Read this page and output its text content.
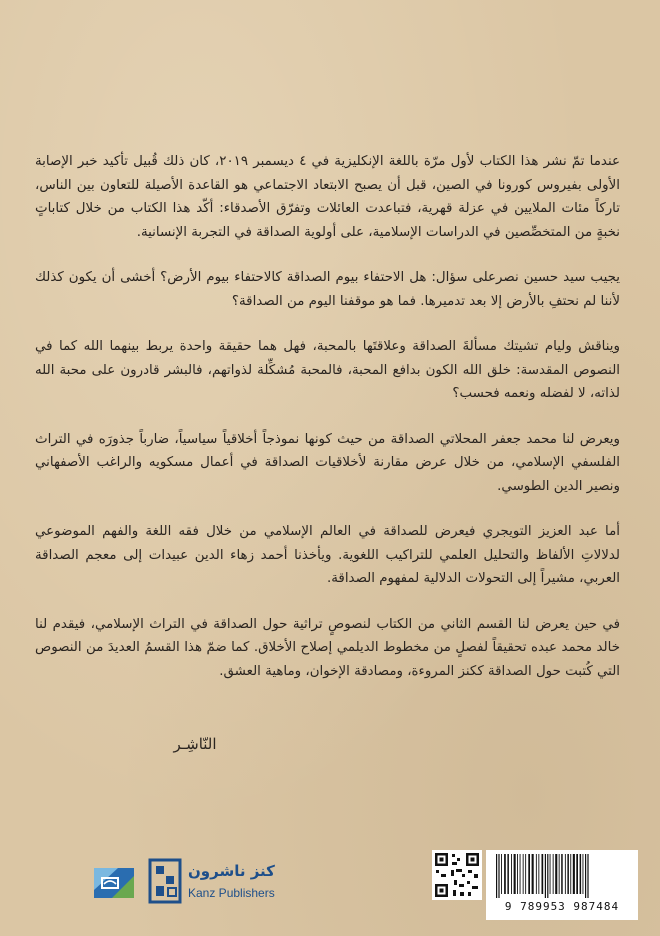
عندما تمّ نشر هذا الكتاب لأول مرّة باللغة الإنكليزية في ٤ ديسمبر ٢٠١٩، كان ذلك قُبيل تأكيد خبر الإصابة الأولى بفيروس كورونا في الصين، قبل أن يصبح الابتعاد الاجتماعي هو القاعدة الأصيلة للتعاون بين الناس، تاركاً مئات الملايين في عزلة قهرية، فتباعدت العائلات وتفرّق الأصدقاء: أكّد هذا الكتاب من خلال كتاباتٍ نخبةٍ من المتخصِّصين في الدراسات الإسلامية، على أولوية الصداقة في التجربة الإنسانية.

يجيب سيد حسين نصرعلى سؤال: هل الاحتفاء بيوم الصداقة كالاحتفاء بيوم الأرض؟ أخشى أن يكون كذلك لأننا لم نحتفِ بالأرض إلا بعد تدميرها. فما هو موقفنا اليوم من الصداقة؟

ويناقش وليام تشيتك مسألةَ الصداقة وعلاقتَها بالمحبة، فهل هما حقيقة واحدة يربط بينهما الله كما في النصوص المقدسة: خلق الله الكون بدافع المحبة، فالمحبة مُشكِّلة لذواتهم، فالبشر قادرون على محبة الله لذاته، لا لفضله ونعمه فحسب؟

ويعرض لنا محمد جعفر المحلاتي الصداقة من حيث كونها نموذجاً أخلاقياً سياسياً، ضارباً جذورَه في التراث الفلسفي الإسلامي، من خلال عرض مقارنة لأخلاقيات الصداقة في أعمال مسكويه والراغب الأصفهاني ونصير الدين الطوسي.

أما عبد العزيز التويجري فيعرض للصداقة في العالم الإسلامي من خلال فقه اللغة والفهم الموضوعي لدلالاتِ الألفاظ والتحليل العلمي للتراكيب اللغوية. ويأخذنا أحمد زهاء الدين عبيدات إلى معجم الصداقة العربي، مشيراً إلى التحولات الدلالية لمفهوم الصداقة.

في حين يعرض لنا القسم الثاني من الكتاب لنصوصٍ تراثية حول الصداقة في التراث الإسلامي، فيقدم لنا خالد محمد عبده تحقيقاً لفصلٍ من مخطوط الديلمي إصلاح الأخلاق. كما ضمّ هذا القسمُ العديدَ من النصوص التي كُتبت حول الصداقة ككنز المروءة، ومصادقة الإخوان، وماهية العشق.

النّاشِـر
كنز ناشرون
Kanz Publishers
9 789953 987484
